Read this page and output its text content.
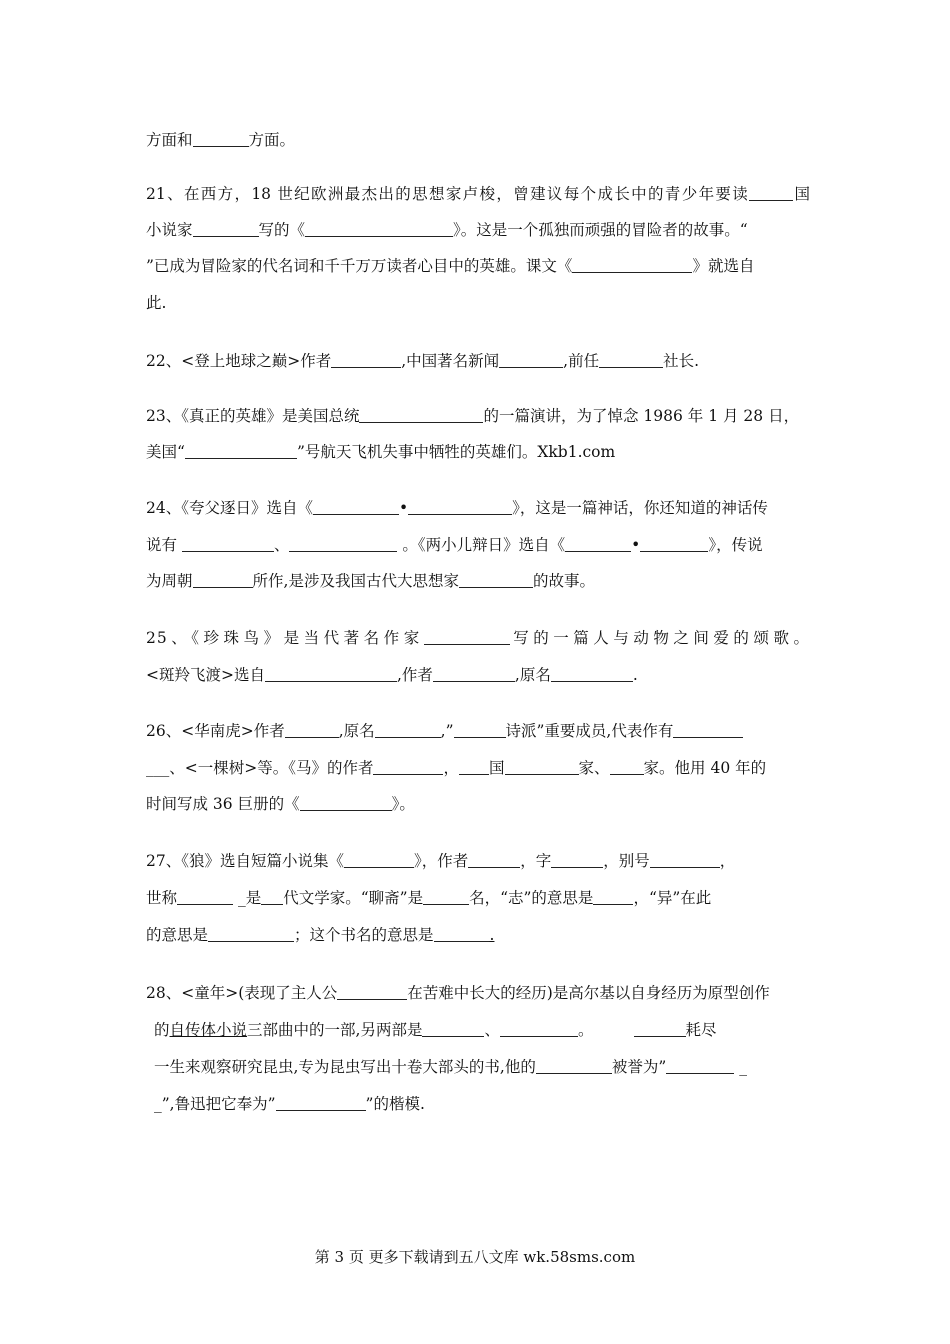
方面和	方面。
21、在西方，18 世纪欧洲最杰出的思想家卢梭，曾建议每个成长中的青少年要读	国
小说家	写的《	》。这是一个孤独而顽强的冒险者的故事。“
”已成为冒险家的代名词和千千万万读者心目中的英雄。课文《	》就选自
此.
22、<登上地球之巅>作者	,中国著名新闻	,前任	社长.
23、《真正的英雄》是美国总统	的一篇演讲，为了悼念 1986 年 1 月 28 日，
美国“	”号航天飞机失事中牺牲的英雄们。Xkb1.com
24、《夸父逐日》选自《	•	》，这是一篇神话，你还知道的神话传
说有	、	。《两小儿辩日》选自《	•	》，传说
为周朝	所作,是涉及我国古代大思想家	的故事。
25、《珍珠鸟》是当代著名作家	写的一篇人与动物之间爱的颂歌。
<斑羚飞渡>选自	,作者	,原名	.
26、<华南虎>作者	,原名	,”	诗派”重要成员,代表作有
___、<一棵树>等。《马》的作者	， 国	家、 家。他用 40 年的
时间写成 36 巨册的《	》。
27、《狼》选自短篇小说集《	》，作者	，字	，别号	，
世称	_是 代文学家。“聊斋”是	名，“志”的意思是	，“异”在此
的意思是	；这个书名的意思是	.
28、<童年>(表现了主人公	在苦难中长大的经历)是高尔基以自身经历为原型创作
的自传体小说三部曲中的一部,另两部是	、	。	耗尽
一生来观察研究昆虫,专为昆虫写出十卷大部头的书,他的	被誉为”	_
_”,鲁迅把它奉为”	”的楷模.
第 3 页 更多下载请到五八文库 wk.58sms.com
